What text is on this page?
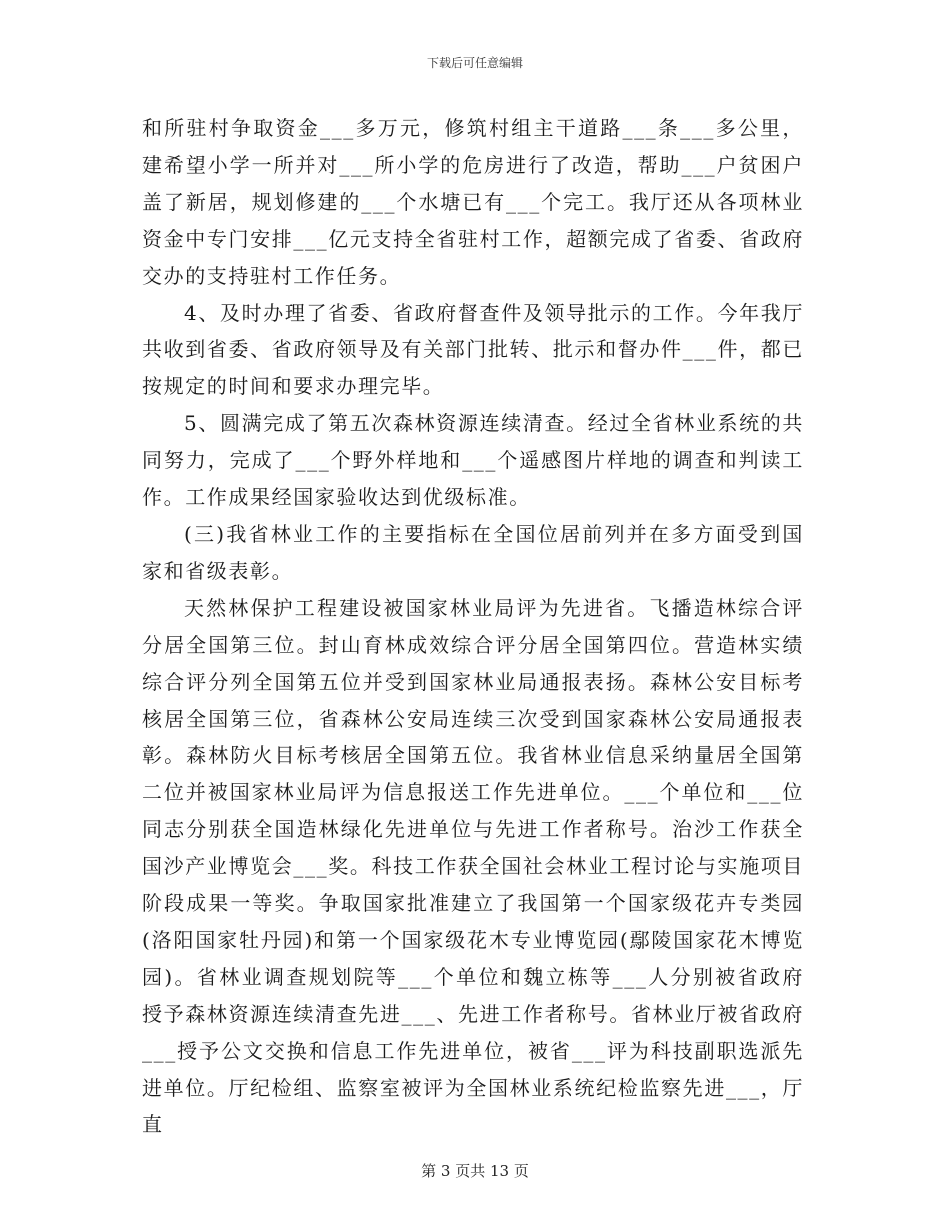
下载后可任意编辑

和所驻村争取资金___多万元，修筑村组主干道路___条___多公里，建希望小学一所并对___所小学的危房进行了改造，帮助___户贫困户盖了新居，规划修建的___个水塘已有___个完工。我厅还从各项林业资金中专门安排___亿元支持全省驻村工作，超额完成了省委、省政府交办的支持驻村工作任务。

4、及时办理了省委、省政府督查件及领导批示的工作。今年我厅共收到省委、省政府领导及有关部门批转、批示和督办件___件，都已按规定的时间和要求办理完毕。

5、圆满完成了第五次森林资源连续清查。经过全省林业系统的共同努力，完成了___个野外样地和___个遥感图片样地的调查和判读工作。工作成果经国家验收达到优级标准。

(三)我省林业工作的主要指标在全国位居前列并在多方面受到国家和省级表彰。

天然林保护工程建设被国家林业局评为先进省。飞播造林综合评分居全国第三位。封山育林成效综合评分居全国第四位。营造林实绩综合评分列全国第五位并受到国家林业局通报表扬。森林公安目标考核居全国第三位，省森林公安局连续三次受到国家森林公安局通报表彰。森林防火目标考核居全国第五位。我省林业信息采纳量居全国第二位并被国家林业局评为信息报送工作先进单位。___个单位和___位同志分别获全国造林绿化先进单位与先进工作者称号。治沙工作获全国沙产业博览会___奖。科技工作获全国社会林业工程讨论与实施项目阶段成果一等奖。争取国家批准建立了我国第一个国家级花卉专类园(洛阳国家牡丹园)和第一个国家级花木专业博览园(鄢陵国家花木博览园)。省林业调查规划院等___个单位和魏立栋等___人分别被省政府授予森林资源连续清查先进___、先进工作者称号。省林业厅被省政府___授予公文交换和信息工作先进单位，被省___评为科技副职选派先进单位。厅纪检组、监察室被评为全国林业系统纪检监察先进___，厅直

第 3 页共 13 页
